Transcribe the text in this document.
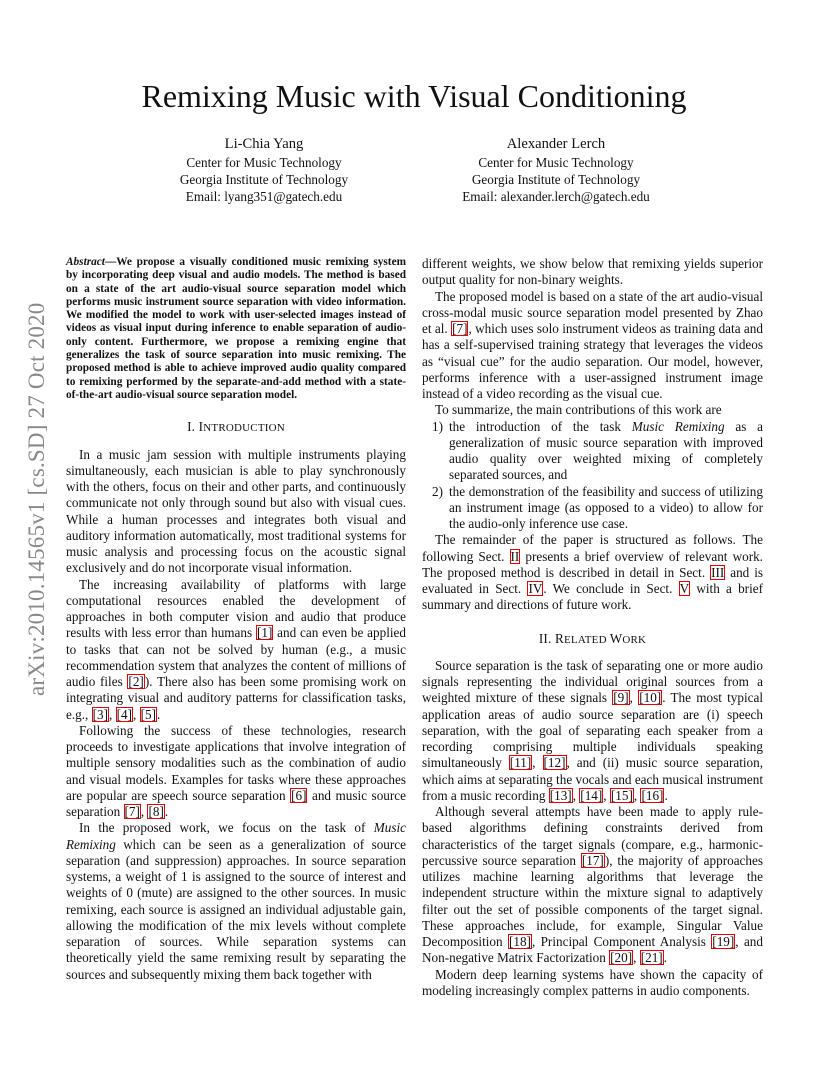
Remixing Music with Visual Conditioning
Li-Chia Yang
Center for Music Technology
Georgia Institute of Technology
Email: lyang351@gatech.edu
Alexander Lerch
Center for Music Technology
Georgia Institute of Technology
Email: alexander.lerch@gatech.edu
arXiv:2010.14565v1 [cs.SD] 27 Oct 2020

Abstract—We propose a visually conditioned music remixing system by incorporating deep visual and audio models. The method is based on a state of the art audio-visual source separation model which performs music instrument source separation with video information. We modified the model to work with user-selected images instead of videos as visual input during inference to enable separation of audio-only content. Furthermore, we propose a remixing engine that generalizes the task of source separation into music remixing. The proposed method is able to achieve improved audio quality compared to remixing performed by the separate-and-add method with a state-of-the-art audio-visual source separation model.

I. INTRODUCTION

In a music jam session with multiple instruments playing simultaneously, each musician is able to play synchronously with the others, focus on their and other parts, and continuously communicate not only through sound but also with visual cues. While a human processes and integrates both visual and auditory information automatically, most traditional systems for music analysis and processing focus on the acoustic signal exclusively and do not incorporate visual information.

The increasing availability of platforms with large computational resources enabled the development of approaches in both computer vision and audio that produce results with less error than humans [1] and can even be applied to tasks that can not be solved by human (e.g., a music recommendation system that analyzes the content of millions of audio files [2]). There also has been some promising work on integrating visual and auditory patterns for classification tasks, e.g., [3], [4], [5].

Following the success of these technologies, research proceeds to investigate applications that involve integration of multiple sensory modalities such as the combination of audio and visual models. Examples for tasks where these approaches are popular are speech source separation [6] and music source separation [7], [8].

In the proposed work, we focus on the task of Music Remixing which can be seen as a generalization of source separation (and suppression) approaches. In source separation systems, a weight of 1 is assigned to the source of interest and weights of 0 (mute) are assigned to the other sources. In music remixing, each source is assigned an individual adjustable gain, allowing the modification of the mix levels without complete separation of sources. While separation systems can theoretically yield the same remixing result by separating the sources and subsequently mixing them back together with

different weights, we show below that remixing yields superior output quality for non-binary weights.

The proposed model is based on a state of the art audio-visual cross-modal music source separation model presented by Zhao et al. [7], which uses solo instrument videos as training data and has a self-supervised training strategy that leverages the videos as “visual cue” for the audio separation. Our model, however, performs inference with a user-assigned instrument image instead of a video recording as the visual cue.

To summarize, the main contributions of this work are

1) the introduction of the task Music Remixing as a generalization of music source separation with improved audio quality over weighted mixing of completely separated sources, and
2) the demonstration of the feasibility and success of utilizing an instrument image (as opposed to a video) to allow for the audio-only inference use case.

The remainder of the paper is structured as follows. The following Sect. II presents a brief overview of relevant work. The proposed method is described in detail in Sect. III and is evaluated in Sect. IV. We conclude in Sect. V with a brief summary and directions of future work.

II. RELATED WORK

Source separation is the task of separating one or more audio signals representing the individual original sources from a weighted mixture of these signals [9], [10]. The most typical application areas of audio source separation are (i) speech separation, with the goal of separating each speaker from a recording comprising multiple individuals speaking simultaneously [11], [12], and (ii) music source separation, which aims at separating the vocals and each musical instrument from a music recording [13], [14], [15], [16].

Although several attempts have been made to apply rule-based algorithms defining constraints derived from characteristics of the target signals (compare, e.g., harmonic-percussive source separation [17]), the majority of approaches utilizes machine learning algorithms that leverage the independent structure within the mixture signal to adaptively filter out the set of possible components of the target signal. These approaches include, for example, Singular Value Decomposition [18], Principal Component Analysis [19], and Non-negative Matrix Factorization [20], [21].

Modern deep learning systems have shown the capacity of modeling increasingly complex patterns in audio components.
